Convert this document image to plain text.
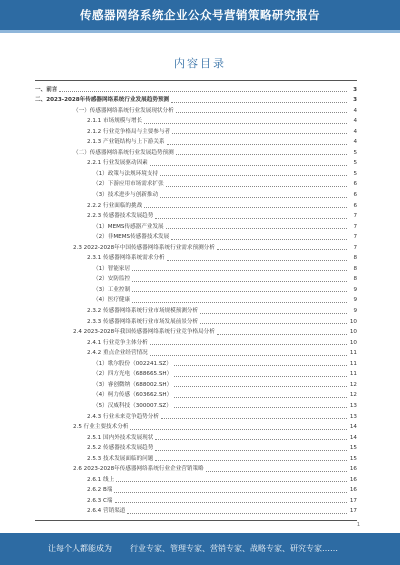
传感器网络系统企业公众号营销策略研究报告
内容目录
一、前言	3
二、2023-2028年传感器网络系统行业发展趋势预测	3
（一）传感器网络系统行业发展现状分析	4
2.1.1 市场规模与增长	4
2.1.2 行业竞争格局与主要参与者	4
2.1.3 产业链结构与上下游关系	4
（二）传感器网络系统行业发展趋势预测	5
2.2.1 行业发展驱动因素	5
（1）政策与法规环境支持	5
（2）下游应用市场需求扩张	6
（3）技术进步与创新推动	6
2.2.2 行业面临的挑战	6
2.2.3 传感器技术发展趋势	7
（1）MEMS传感器产业发展	7
（2）非MEMS传感器技术发展	7
2.3 2022-2028年中国传感器网络系统行业需求预测分析	7
2.3.1 传感器网络系统需求分析	8
（1）智能家居	8
（2）安防监控	8
（3）工业控制	9
（4）医疗健康	9
2.3.2 传感器网络系统行业市场规模预测分析	9
2.3.3 传感器网络系统行业市场发展前景分析	10
2.4 2023-2028年我国传感器网络系统行业竞争格局分析	10
2.4.1 行业竞争主体分析	10
2.4.2 重点企业经营情况	11
（1）歌尔股份（002241.SZ）	11
（2）四方光电（688665.SH）	11
（3）睿创微纳（688002.SH）	12
（4）柯力传感（603662.SH）	12
（5）汉威科技（300007.SZ）	13
2.4.3 行业未来竞争趋势分析	13
2.5 行业主要技术分析	14
2.5.1 国内外技术发展现状	14
2.5.2 传感器技术发展趋势	15
2.5.3 技术发展面临的问题	15
2.6 2023-2028年传感器网络系统行业企业营销策略	16
2.6.1 线上	16
2.6.2 B端	16
2.6.3 C端	17
2.6.4 营销渠道	17
1
让每个人都能成为 行业专家、管理专家、营销专家、战略专家、研究专家……
